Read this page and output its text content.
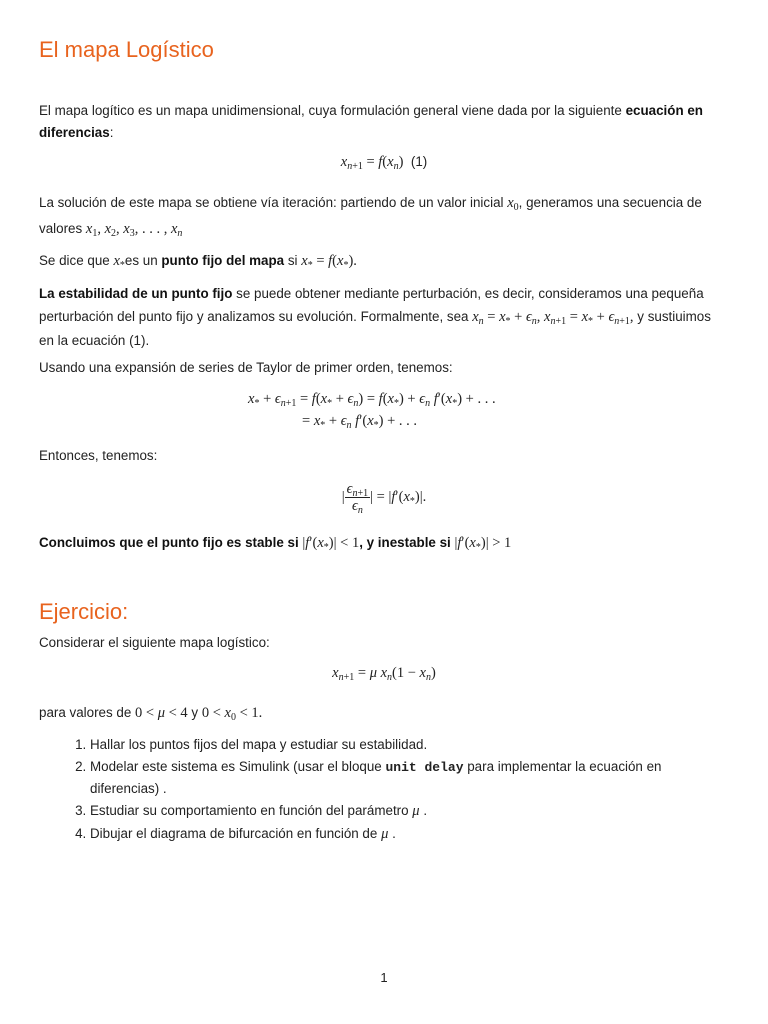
El mapa Logístico

El mapa logítico es un mapa unidimensional, cuya formulación general viene dada por la siguiente ecuación en diferencias:

$x_{n+1} = f(x_n)$ (1)

La solución de este mapa se obtiene vía iteración: partiendo de un valor inicial $x_0$, generamos una secuencia de valores $x_1$, $x_2$, $x_3$, . . . , $x_n$

Se dice que $x_*es$ un punto fijo del mapa si $x_* = f(x_*)$.

La estabilidad de un punto fijo se puede obtener mediante perturbación, es decir, consideramos una pequeña perturbación del punto fijo y analizamos su evolución. Formalmente, sea $x_n = x_* + \epsilon_n$, $x_{n+1} = x_* + \epsilon_{n+1}$, y sustiuimos en la ecuación (1).

Usando una expansión de series de Taylor de primer orden, tenemos:

$x_* + \epsilon_{n+1} = f(x_* + \epsilon_n) = f(x_*) + \epsilon_n$ $f'(x_*)$ + . . .
= $x_* + \epsilon_n$ $f'(x_*)$ + . . .

Entonces, tenemos:

| $\frac{\epsilon_{n+1}}{\epsilon_n}$ | = $|f'(x_*)|$.

Concluimos que el punto fijo es stable si $|f'(x_*)| < 1$, y inestable si $|f'(x_*)| > 1$

Ejercicio:

Considerar el siguiente mapa logístico:

$x_{n+1} = \mu$ $x_n(1 - x_n)$

para valores de 0 < μ < 4 y $0 < x_0 < 1$.

1. Hallar los puntos fijos del mapa y estudiar su estabilidad.
2. Modelar este sistema es Simulink (usar el bloque unit delay para implementar la ecuación en diferencias) .
3. Estudiar su comportamiento en función del parámetro μ .
4. Dibujar el diagrama de bifurcación en función de μ .
1
